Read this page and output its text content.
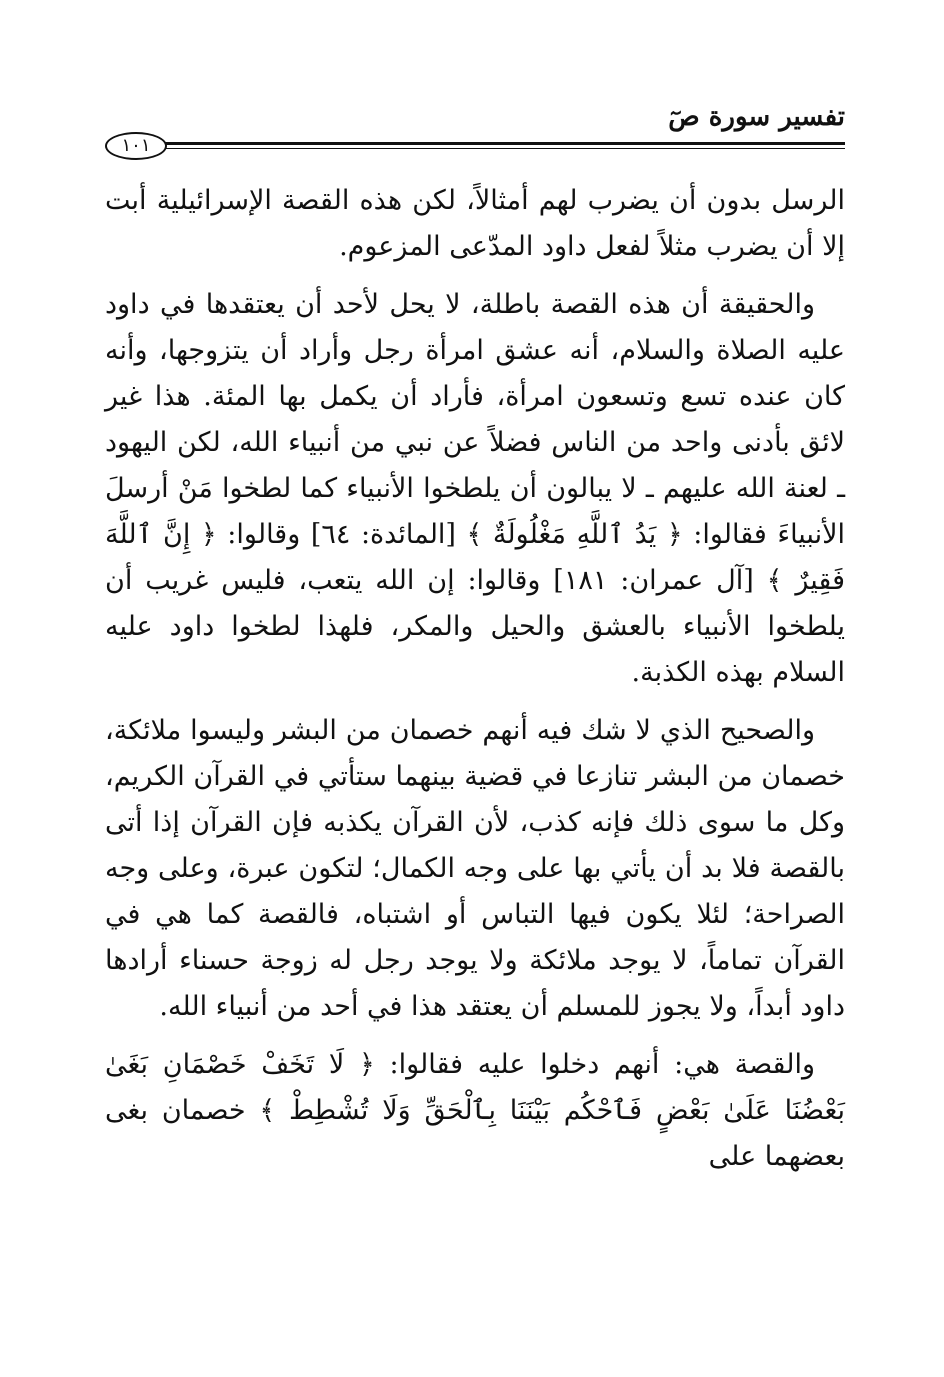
تفسير سورة صٓ
١٠١

الرسل بدون أن يضرب لهم أمثالاً، لكن هذه القصة الإسرائيلية أبت إلا أن يضرب مثلاً لفعل داود المدّعى المزعوم.

والحقيقة أن هذه القصة باطلة، لا يحل لأحد أن يعتقدها في داود عليه الصلاة والسلام، أنه عشق امرأة رجل وأراد أن يتزوجها، وأنه كان عنده تسع وتسعون امرأة، فأراد أن يكمل بها المئة. هذا غير لائق بأدنى واحد من الناس فضلاً عن نبي من أنبياء الله، لكن اليهود ـ لعنة الله عليهم ـ لا يبالون أن يلطخوا الأنبياء كما لطخوا مَنْ أرسلَ الأنبياءَ فقالوا: ﴿ يَدُ ٱللَّهِ مَغْلُولَةٌ ﴾ [المائدة: ٦٤] وقالوا: ﴿ إِنَّ ٱللَّهَ فَقِيرٌ ﴾ [آل عمران: ١٨١] وقالوا: إن الله يتعب، فليس غريب أن يلطخوا الأنبياء بالعشق والحيل والمكر، فلهذا لطخوا داود عليه السلام بهذه الكذبة.

والصحيح الذي لا شك فيه أنهم خصمان من البشر وليسوا ملائكة، خصمان من البشر تنازعا في قضية بينهما ستأتي في القرآن الكريم، وكل ما سوى ذلك فإنه كذب، لأن القرآن يكذبه فإن القرآن إذا أتى بالقصة فلا بد أن يأتي بها على وجه الكمال؛ لتكون عبرة، وعلى وجه الصراحة؛ لئلا يكون فيها التباس أو اشتباه، فالقصة كما هي في القرآن تماماً، لا يوجد ملائكة ولا يوجد رجل له زوجة حسناء أرادها داود أبداً، ولا يجوز للمسلم أن يعتقد هذا في أحد من أنبياء الله.

والقصة هي: أنهم دخلوا عليه فقالوا: ﴿ لَا تَخَفْ خَصْمَانِ بَغَىٰ بَعْضُنَا عَلَىٰ بَعْضٍ فَٱحْكُم بَيْنَنَا بِٱلْحَقِّ وَلَا تُشْطِطْ ﴾ خصمان بغى بعضهما على
